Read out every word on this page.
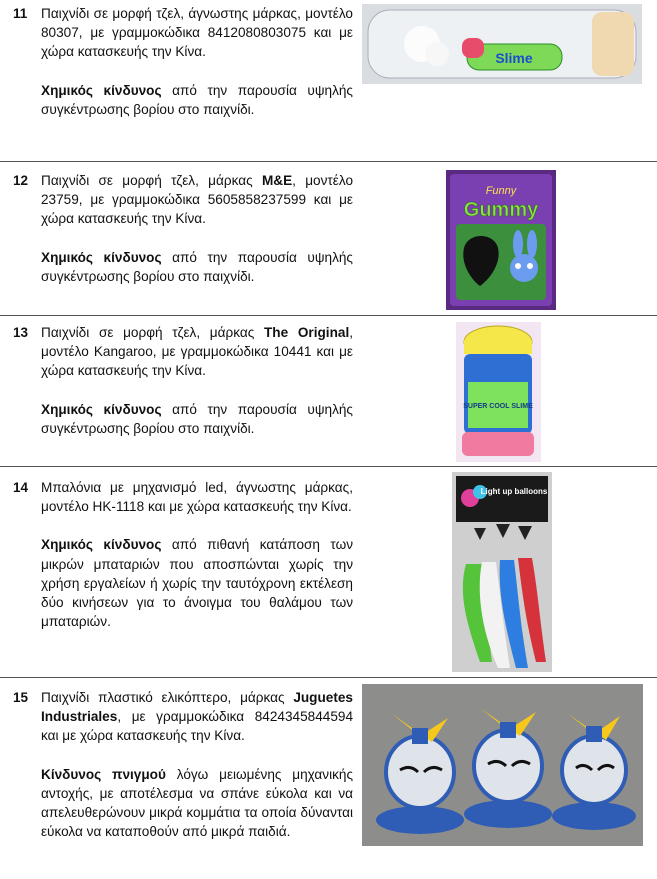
11 Παιχνίδι σε μορφή τζελ, άγνωστης μάρκας, μοντέλο 80307, με γραμμοκώδικα 8412080803075 και με χώρα κατασκευής την Κίνα.

Χημικός κίνδυνος από την παρουσία υψηλής συγκέντρωσης βορίου στο παιχνίδι.

Slime
12 Παιχνίδι σε μορφή τζελ, μάρκας M&E, μοντέλο 23759, με γραμμοκώδικα 5605858237599 και με χώρα κατασκευής την Κίνα.

Χημικός κίνδυνος από την παρουσία υψηλής συγκέντρωσης βορίου στο παιχνίδι.

Funny
Gummy
13 Παιχνίδι σε μορφή τζελ, μάρκας The Original, μοντέλο Kangaroo, με γραμμοκώδικα 10441 και με χώρα κατασκευής την Κίνα.

Χημικός κίνδυνος από την παρουσία υψηλής συγκέντρωσης βορίου στο παιχνίδι.

SUPER COOL SLIME
14 Μπαλόνια με μηχανισμό led, άγνωστης μάρκας, μοντέλο HK-1118 και με χώρα κατασκευής την Κίνα.

Χημικός κίνδυνος από πιθανή κατάποση των μικρών μπαταριών που αποσπώνται χωρίς την χρήση εργαλείων ή χωρίς την ταυτόχρονη εκτέλεση δύο κινήσεων για το άνοιγμα του θαλάμου των μπαταριών.

Light up balloons
15 Παιχνίδι πλαστικό ελικόπτερο, μάρκας Juguetes Industriales, με γραμμοκώδικα 8424345844594 και με χώρα κατασκευής την Κίνα.

Κίνδυνος πνιγμού λόγω μειωμένης μηχανικής αντοχής, με αποτέλεσμα να σπάνε εύκολα και να απελευθερώνουν μικρά κομμάτια τα οποία δύνανται εύκολα να καταποθούν από μικρά παιδιά.
